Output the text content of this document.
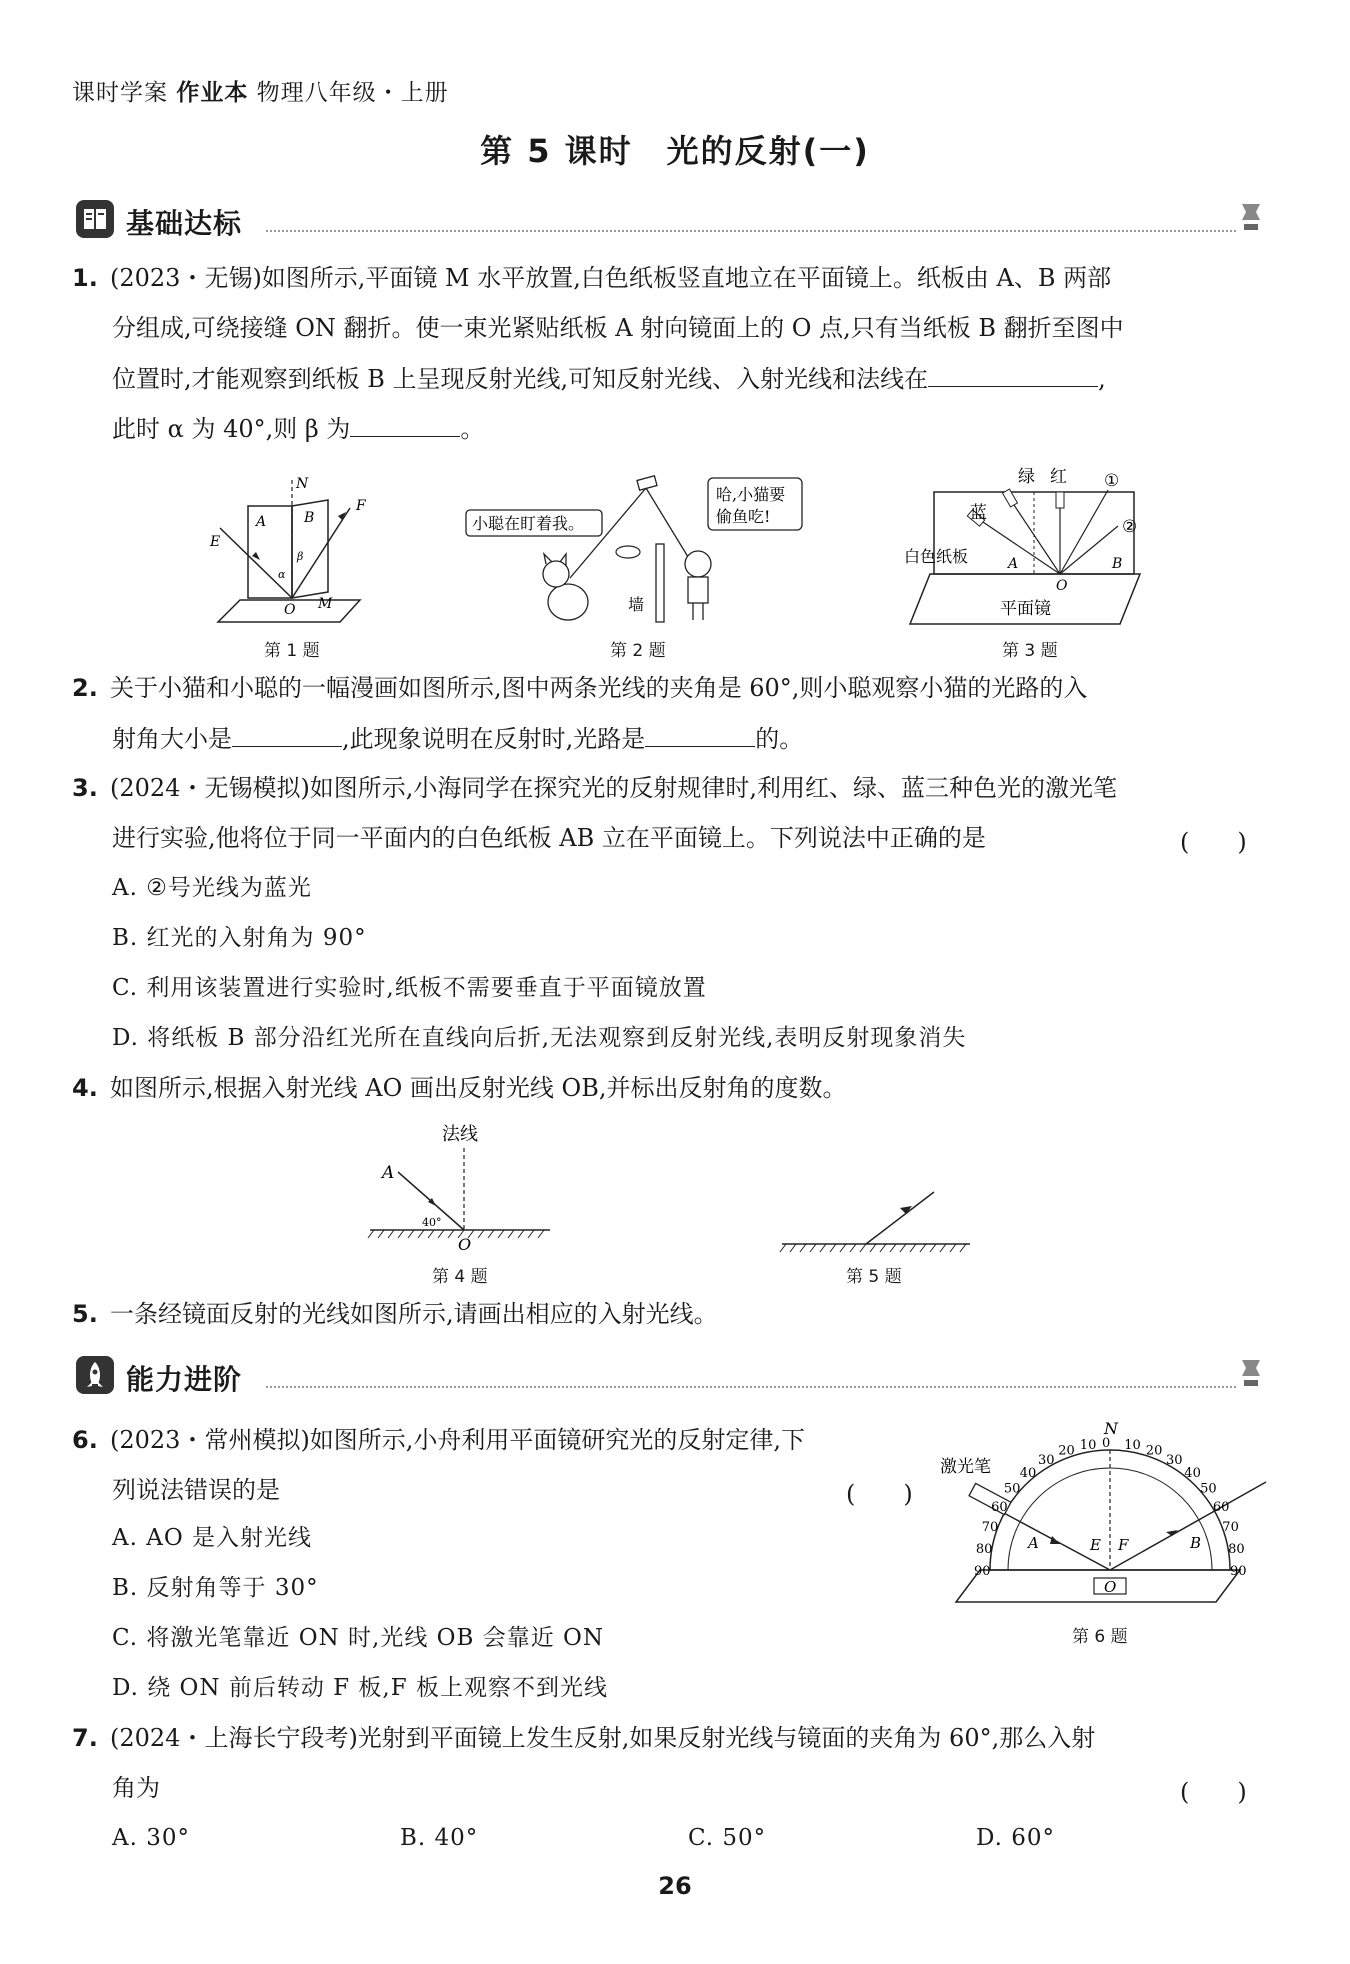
课时学案 作业本 物理八年级・上册
第 5 课时　光的反射(一)
基础达标
1. (2023・无锡)如图所示,平面镜 M 水平放置,白色纸板竖直地立在平面镜上。纸板由 A、B 两部
分组成,可绕接缝 ON 翻折。使一束光紧贴纸板 A 射向镜面上的 O 点,只有当纸板 B 翻折至图中
位置时,才能观察到纸板 B 上呈现反射光线,可知反射光线、入射光线和法线在	,
此时 α 为 40°,则 β 为	。
N
A	B
F
E
O M
α
β
第 1 题
小聪在盯着我。
哈,小猫要
偷鱼吃!
墙
第 2 题
绿 红 ①
②
蓝
白色纸板	A	B
O
平面镜
第 3 题
2. 关于小猫和小聪的一幅漫画如图所示,图中两条光线的夹角是 60°,则小聪观察小猫的光路的入
射角大小是	,此现象说明在反射时,光路是	的。
3. (2024・无锡模拟)如图所示,小海同学在探究光的反射规律时,利用红、绿、蓝三种色光的激光笔
进行实验,他将位于同一平面内的白色纸板 AB 立在平面镜上。下列说法中正确的是	(　　)
A. ②号光线为蓝光
B. 红光的入射角为 90°
C. 利用该装置进行实验时,纸板不需要垂直于平面镜放置
D. 将纸板 B 部分沿红光所在直线向后折,无法观察到反射光线,表明反射现象消失
4. 如图所示,根据入射光线 AO 画出反射光线 OB,并标出反射角的度数。
法线
A
40°
O
第 4 题	第 5 题
5. 一条经镜面反射的光线如图所示,请画出相应的入射光线。
能力进阶
6. (2023・常州模拟)如图所示,小舟利用平面镜研究光的反射定律,下
列说法错误的是	(　　)
A. AO 是入射光线
B. 反射角等于 30°
C. 将激光笔靠近 ON 时,光线 OB 会靠近 ON
D. 绕 ON 前后转动 F 板,F 板上观察不到光线
N
激光笔
E F
A	B
O
90
80
70
60
50
40
30
20 10 0 10 20
30
40
50
60
70
80
90
第 6 题
7. (2024・上海长宁段考)光射到平面镜上发生反射,如果反射光线与镜面的夹角为 60°,那么入射
角为	(　　)
A. 30°	B. 40°	C. 50°	D. 60°
26
